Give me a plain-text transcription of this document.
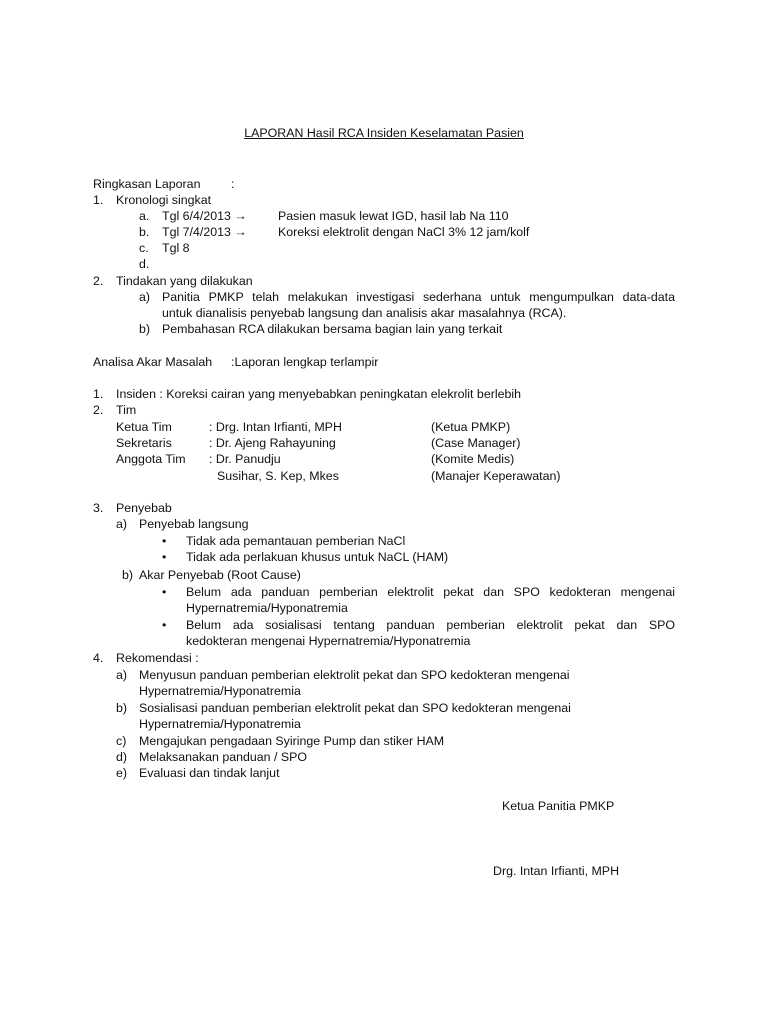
LAPORAN Hasil RCA Insiden Keselamatan Pasien
Ringkasan Laporan :
1. Kronologi singkat
a. Tgl 6/4/2013 →	Pasien masuk lewat IGD, hasil lab Na 110
b. Tgl 7/4/2013 →	Koreksi elektrolit dengan NaCl 3% 12 jam/kolf
c. Tgl 8
d.
2. Tindakan yang dilakukan
a) Panitia PMKP telah melakukan investigasi sederhana untuk mengumpulkan data-data
untuk dianalisis penyebab langsung dan analisis akar masalahnya (RCA).
b) Pembahasan RCA dilakukan bersama bagian lain yang terkait
Analisa Akar Masalah :Laporan lengkap terlampir
1. Insiden : Koreksi cairan yang menyebabkan peningkatan elekrolit berlebih
2. Tim
Ketua Tim	: Drg. Intan Irfianti, MPH	(Ketua PMKP)
Sekretaris	: Dr. Ajeng Rahayuning	(Case Manager)
Anggota Tim : Dr. Panudju	(Komite Medis)
Susihar, S. Kep, Mkes	(Manajer Keperawatan)
3. Penyebab
a) Penyebab langsung
• Tidak ada pemantauan pemberian NaCl
• Tidak ada perlakuan khusus untuk NaCL (HAM)
b) Akar Penyebab (Root Cause)
• Belum ada panduan pemberian elektrolit pekat dan SPO kedokteran mengenai
Hypernatremia/Hyponatremia
• Belum ada sosialisasi tentang panduan pemberian elektrolit pekat dan SPO
kedokteran mengenai Hypernatremia/Hyponatremia
4. Rekomendasi :
a) Menyusun panduan pemberian elektrolit pekat dan SPO kedokteran mengenai
Hypernatremia/Hyponatremia
b) Sosialisasi panduan pemberian elektrolit pekat dan SPO kedokteran mengenai
Hypernatremia/Hyponatremia
c) Mengajukan pengadaan Syiringe Pump dan stiker HAM
d) Melaksanakan panduan / SPO
e) Evaluasi dan tindak lanjut
Ketua Panitia PMKP
Drg. Intan Irfianti, MPH
